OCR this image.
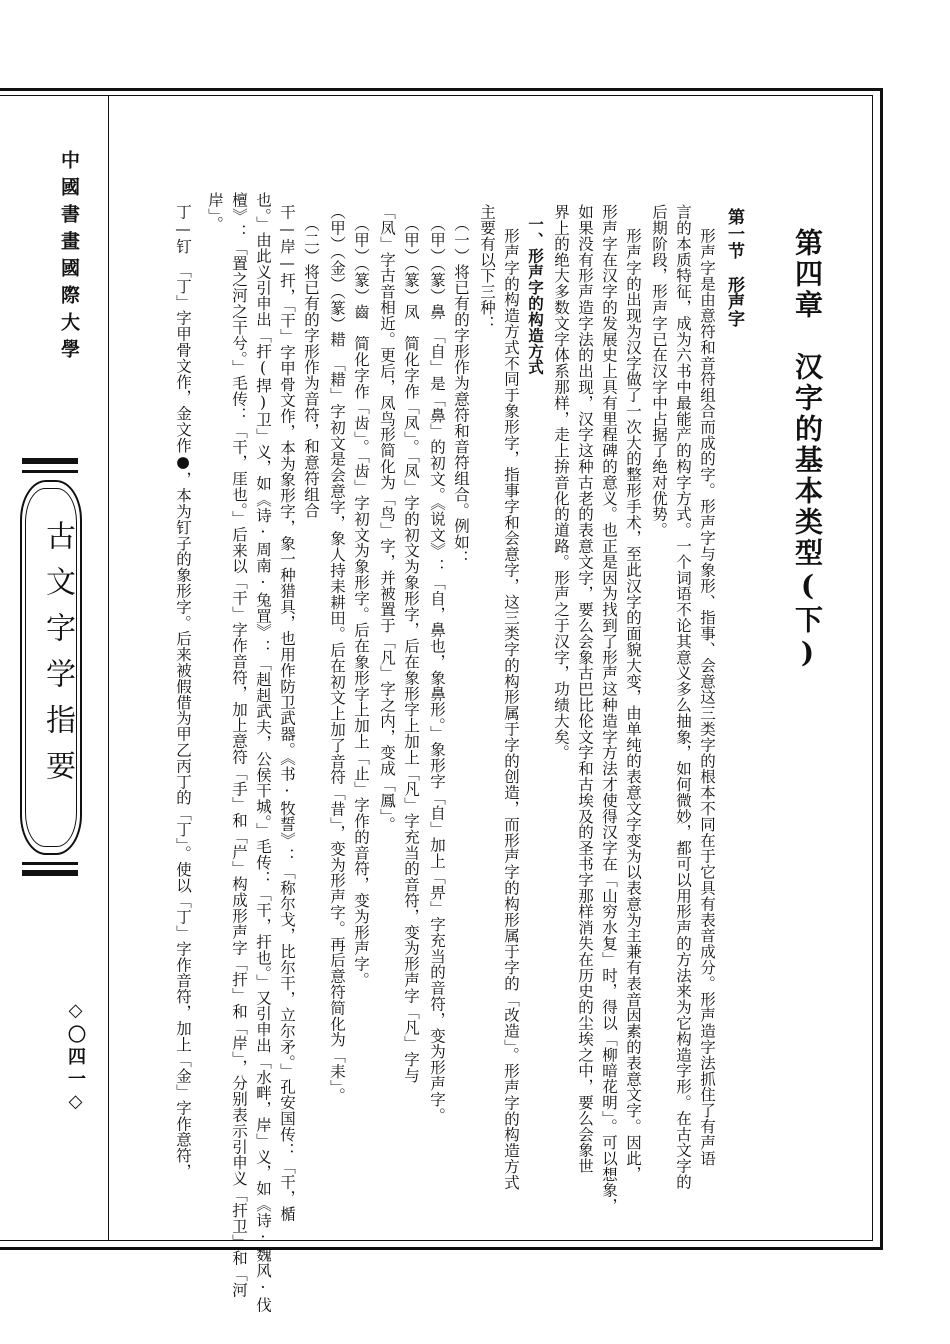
中國書畫國際大學
古文字学指要
◇〇四一◇
第四章　汉字的基本类型(下)
第一节　形声字
形声字是由意符和音符组合而成的字。形声字与象形、指事、会意这三类字的根本不同在于它具有表音成分。形声造字法抓住了有声语
言的本质特征，成为六书中最能产的构字方式。一个词语不论其意义多么抽象，如何微妙，都可以用形声的方法来为它构造字形。在古文字的
后期阶段，形声字已在汉字中占据了绝对优势。
形声字的出现为汉字做了一次大的整形手术，至此汉字的面貌大变，由单纯的表意文字变为以表意为主兼有表音因素的表意文字。因此，
形声字在汉字的发展史上具有里程碑的意义。也正是因为找到了形声这种造字方法才使得汉字在「山穷水复」时，得以「柳暗花明」。可以想象，
如果没有形声造字法的出现，汉字这种古老的表意文字，要么会象古巴比伦文字和古埃及的圣书字那样消失在历史的尘埃之中，要么会象世
界上的绝大多数文字体系那样，走上拚音化的道路。形声之于汉字，功绩大矣。
一、形声字的构造方式
形声字的构造方式不同于象形字，指事字和会意字，这三类字的构形属于字的创造，而形声字的构形属于字的「改造」。形声字的构造方式
主要有以下三种：
（一）将已有的字形作为意符和音符组合。例如：
（甲）（篆）鼻　「自」是「鼻」的初文。《说文》：「自，鼻也，象鼻形。」象形字「自」加上「畀」字充当的音符，变为形声字。
（甲）（篆）凤　简化字作「凤」。「凤」字的初文为象形字，后在象形字上加上「凡」字充当的音符，变为形声字「凡」字与
「凤」字古音相近。更后，凤鸟形简化为「鸟」字，并被置于「凡」字之内，变成「鳳」。
（甲）（篆）齒　简化字作「齿」。「齿」字初文为象形字。后在象形字上加上「止」字作的音符，变为形声字。
（甲）（金）（篆）耤　「耤」字初文是会意字，象人持耒耕田。后在初文上加了音符「昔」，变为形声字。再后意符简化为「耒」。
（二）将已有的字形作为音符，和意符组合
干—岸—扞，「干」字甲骨文作，本为象形字，象一种猎具，也用作防卫武器。《书·牧誓》：「称尔戈，比尔干，立尔矛。」孔安国传：「干，楯
也。」由此义引申出「扞(捍)卫」义，如《诗·周南·兔罝》：「赳赳武夫，公侯干城。」毛传：「干，扞也。」又引申出「水畔，岸」义，如《诗·魏风·伐
檀》：「置之河之干兮。」毛传：「干，厓也。」后来以「干」字作音符，加上意符「手」和「屵」构成形声字「扞」和「岸」，分别表示引申义「扞卫」和「河
岸」。
丁—钉　「丁」字甲骨文作，金文作●，本为钉子的象形字。后来被假借为甲乙丙丁的「丁」。使以「丁」字作音符，加上「金」字作意符，
